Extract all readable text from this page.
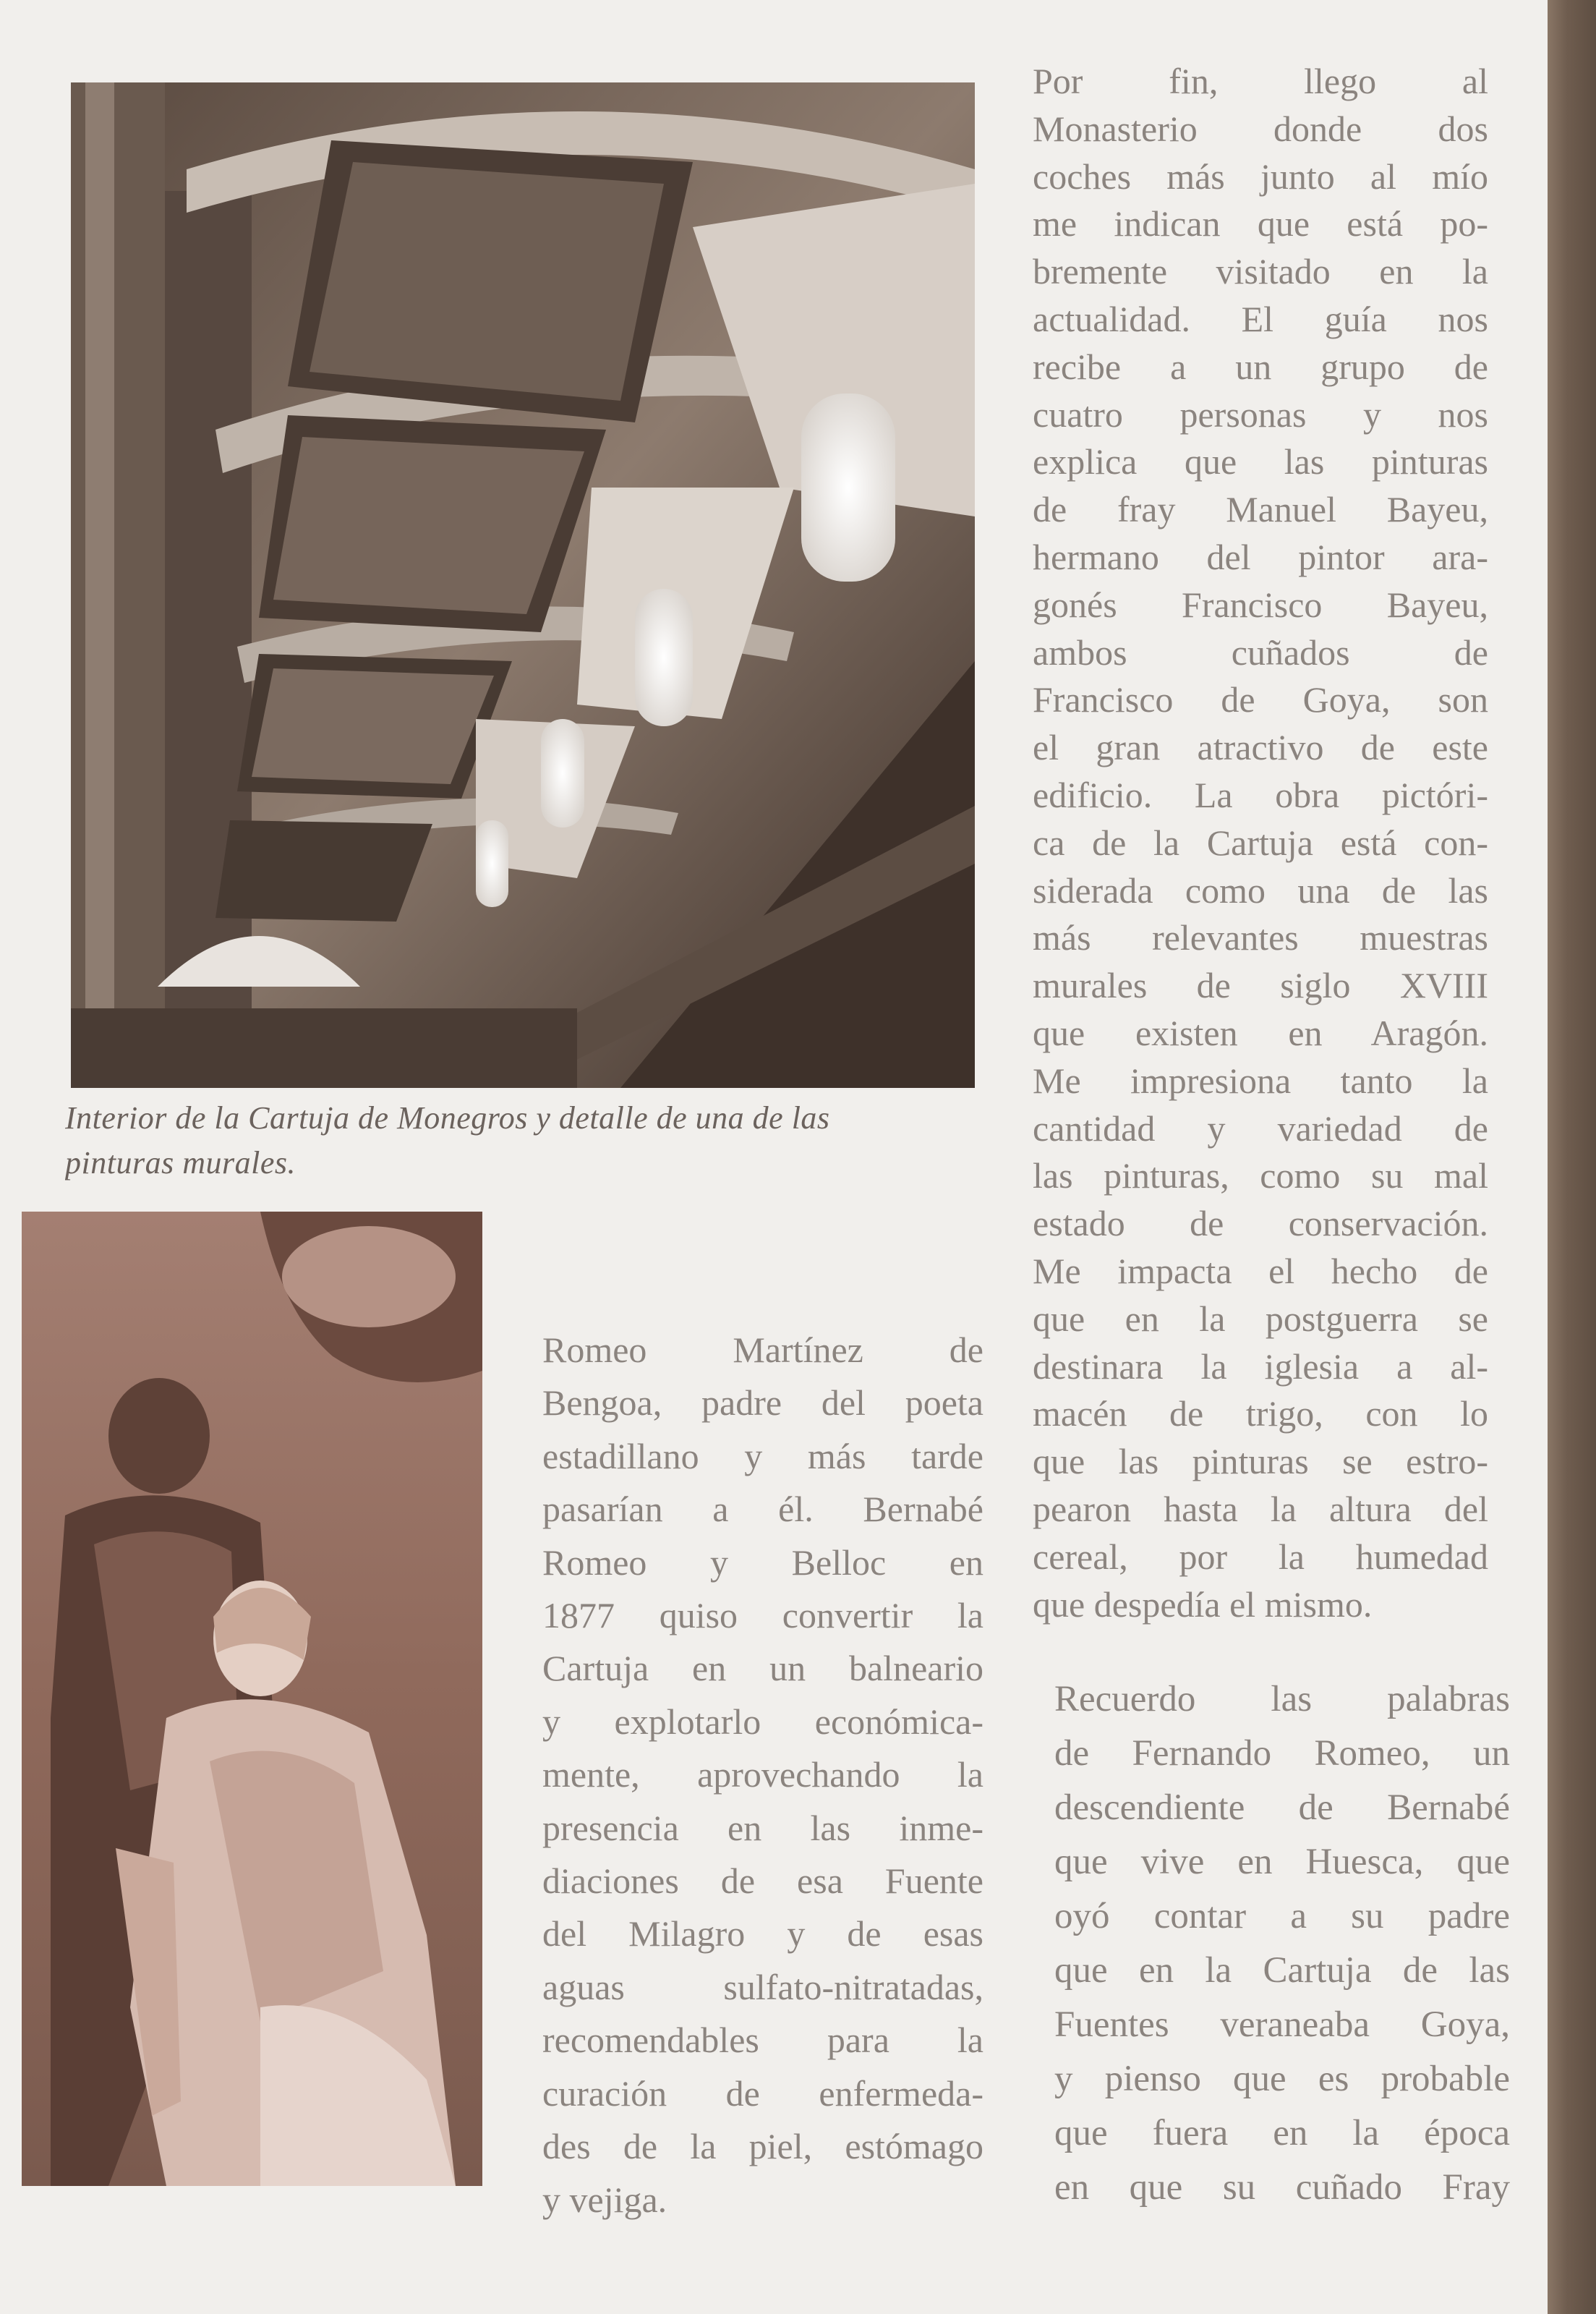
Interior de la Cartuja de Monegros y detalle de una de las
pinturas murales.
Por fin, llego al
Monasterio donde dos
coches más junto al mío
me indican que está po-
bremente visitado en la
actualidad. El guía nos
recibe a un grupo de
cuatro personas y nos
explica que las pinturas
de fray Manuel Bayeu,
hermano del pintor ara-
gonés Francisco Bayeu,
ambos cuñados de
Francisco de Goya, son
el gran atractivo de este
edificio. La obra pictóri-
ca de la Cartuja está con-
siderada como una de las
más relevantes muestras
murales de siglo XVIII
que existen en Aragón.
Me impresiona tanto la
cantidad y variedad de
las pinturas, como su mal
estado de conservación.
Me impacta el hecho de
que en la postguerra se
destinara la iglesia a al-
macén de trigo, con lo
que las pinturas se estro-
pearon hasta la altura del
cereal, por la humedad
que despedía el mismo.
Recuerdo las palabras
de Fernando Romeo, un
descendiente de Bernabé
que vive en Huesca, que
oyó contar a su padre
que en la Cartuja de las
Fuentes veraneaba Goya,
y pienso que es probable
que fuera en la época
en que su cuñado Fray
Romeo Martínez de
Bengoa, padre del poeta
estadillano y más tarde
pasarían a él. Bernabé
Romeo y Belloc en
1877 quiso convertir la
Cartuja en un balneario
y explotarlo económica-
mente, aprovechando la
presencia en las inme-
diaciones de esa Fuente
del Milagro y de esas
aguas sulfato-nitratadas,
recomendables para la
curación de enfermeda-
des de la piel, estómago
y vejiga.
